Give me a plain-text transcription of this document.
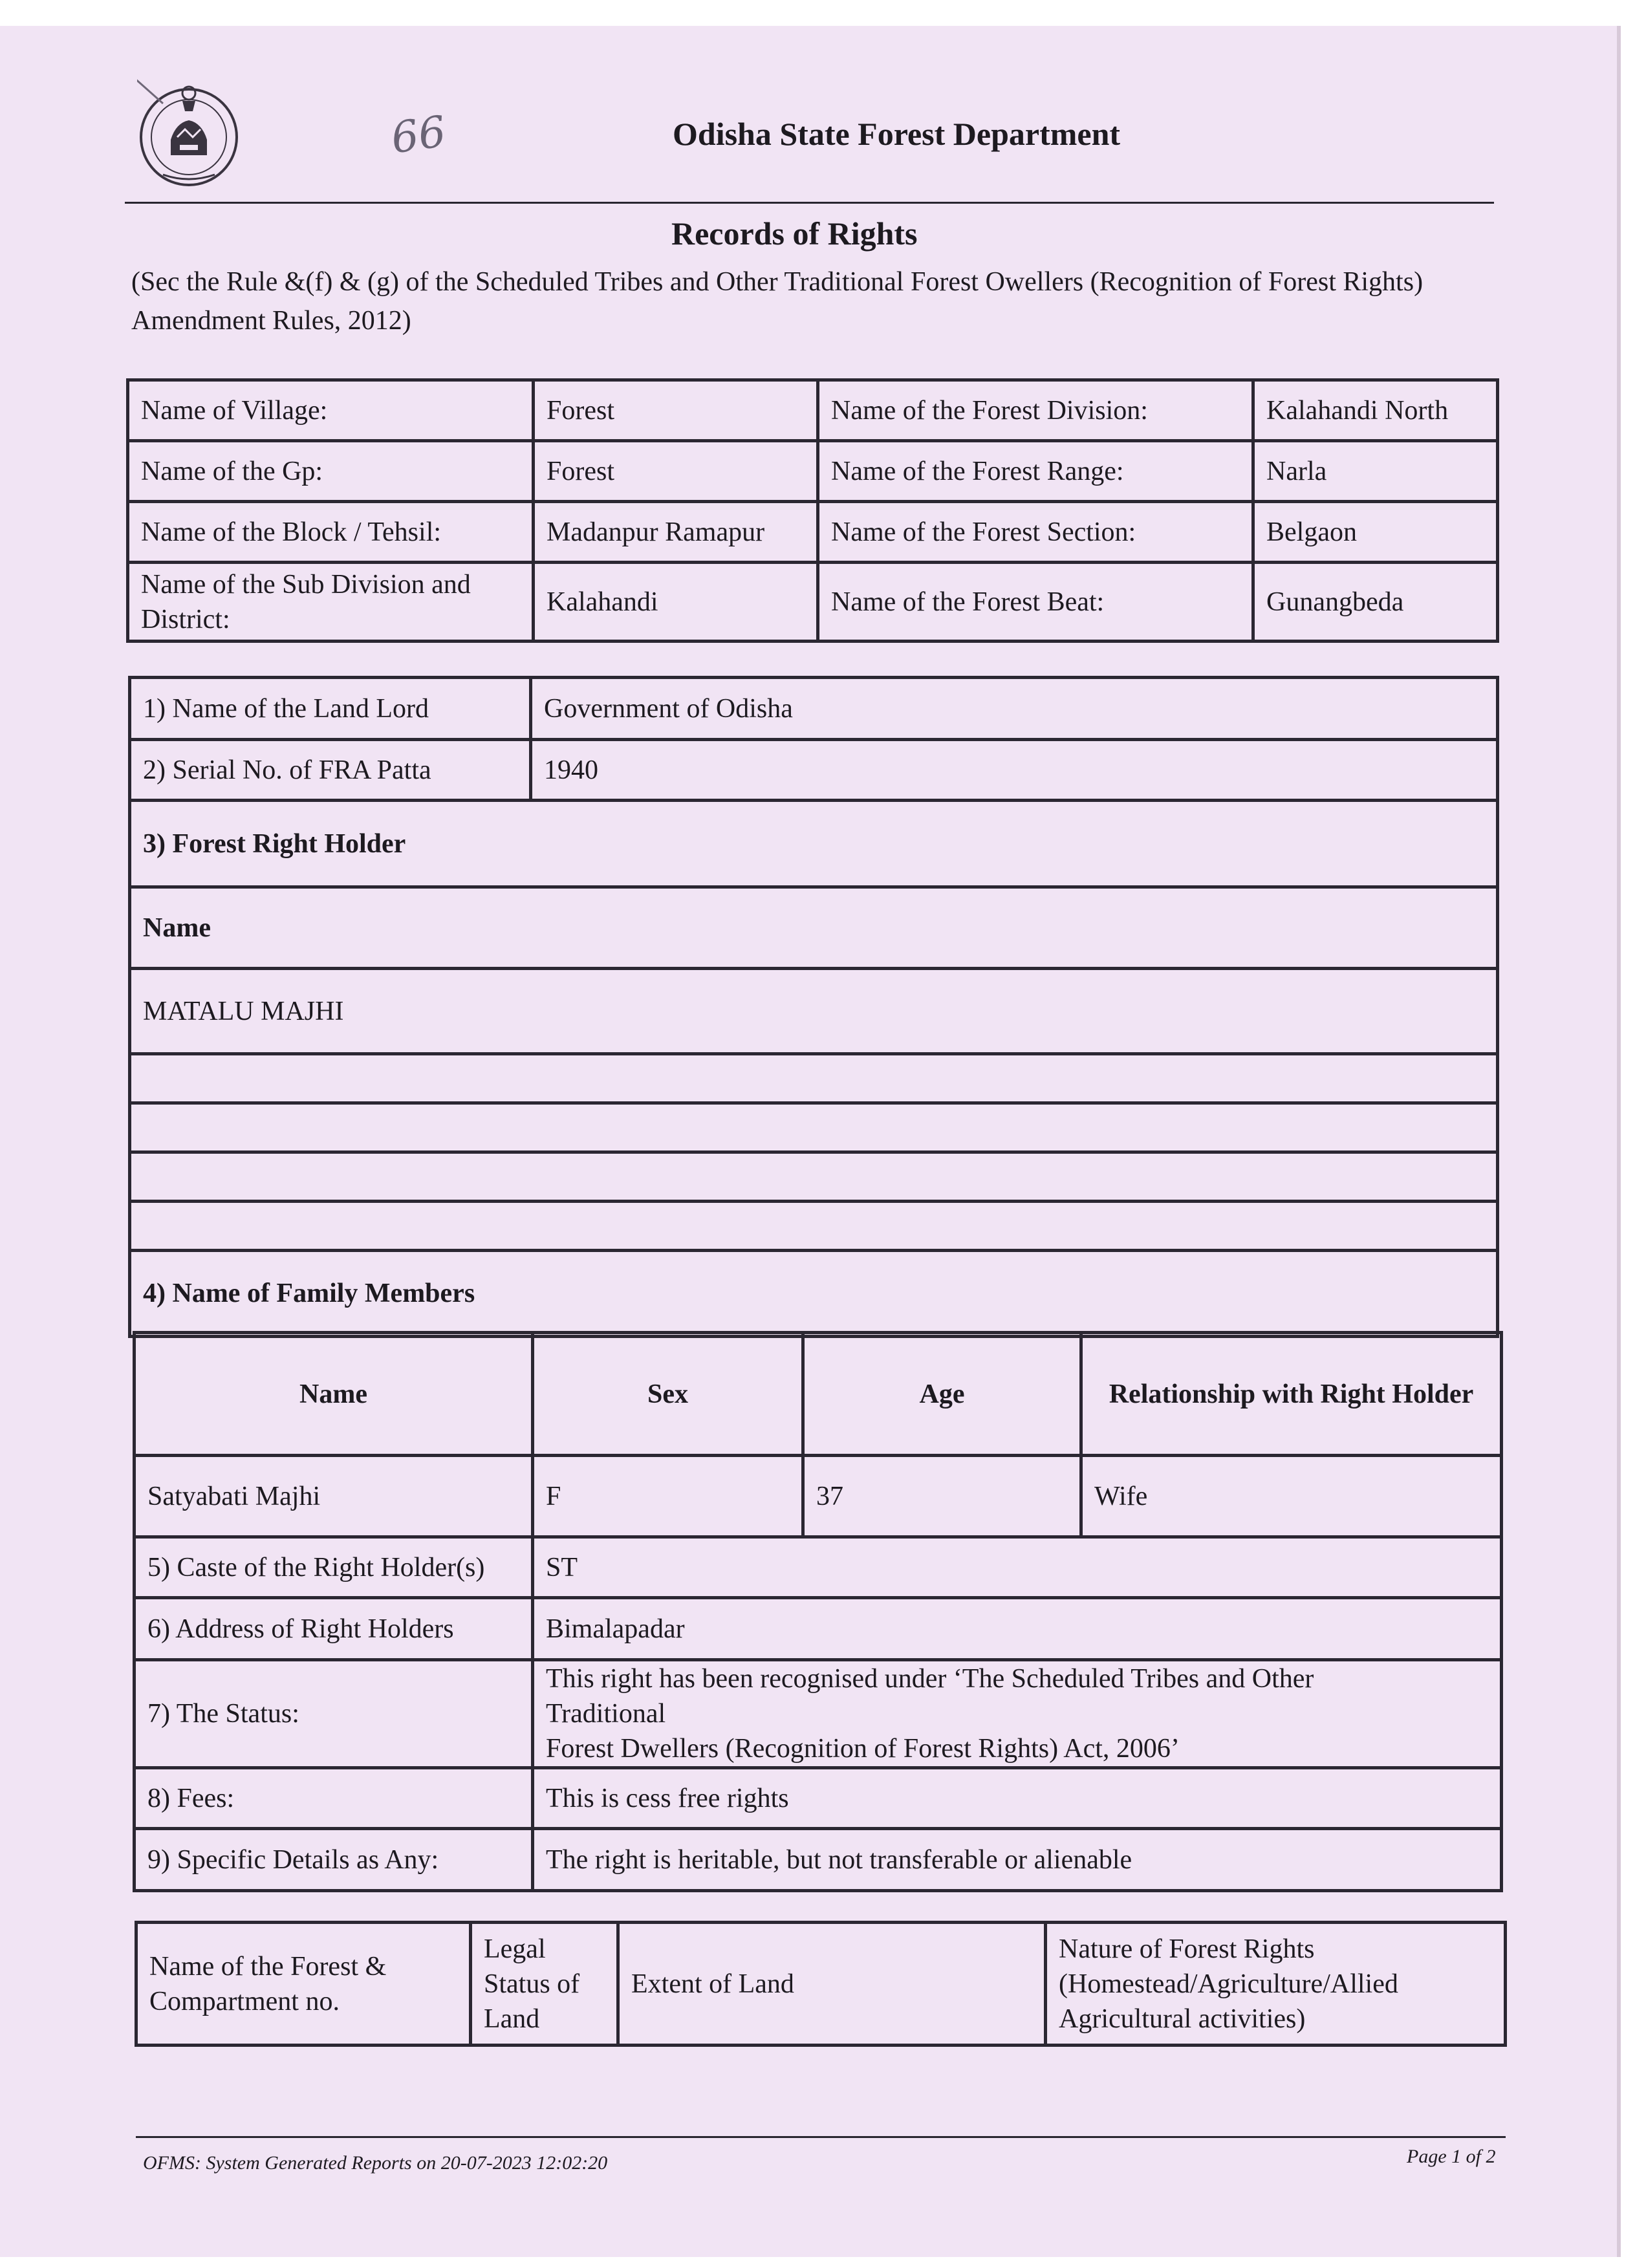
66	Odisha State Forest Department
Records of Rights
(Sec the Rule &(f) & (g) of the Scheduled Tribes and Other Traditional Forest Owellers (Recognition of Forest Rights) Amendment Rules, 2012)
Name of Village:	Forest	Name of the Forest Division:	Kalahandi North
Name of the Gp:	Forest	Name of the Forest Range:	Narla
Name of the Block / Tehsil:	Madanpur Ramapur	Name of the Forest Section:	Belgaon
Name of the Sub Division and District:	Kalahandi	Name of the Forest Beat:	Gunangbeda
1) Name of the Land Lord	Government of Odisha
2) Serial No. of FRA Patta	1940
3) Forest Right Holder	
Name	
MATALU MAJHI	

4) Name of Family Members	
Name	Sex	Age	Relationship with Right Holder
Satyabati Majhi	F	37	Wife
5) Caste of the Right Holder(s)	ST		
6) Address of Right Holders	Bimalapadar		
7) The Status:	This right has been recognised under ‘The Scheduled Tribes and Other
Traditional
Forest Dwellers (Recognition of Forest Rights) Act, 2006’		

8) Fees:	This is cess free rights		
9) Specific Details as Any:	The right is heritable, but not transferable or alienable		
Name of the Forest & Compartment no.	Legal Status of Land	Extent of Land	Nature of Forest Rights (Homestead/Agriculture/Allied Agricultural activities)
OFMS: System Generated Reports on 20-07-2023 12:02:20	Page 1 of 2
